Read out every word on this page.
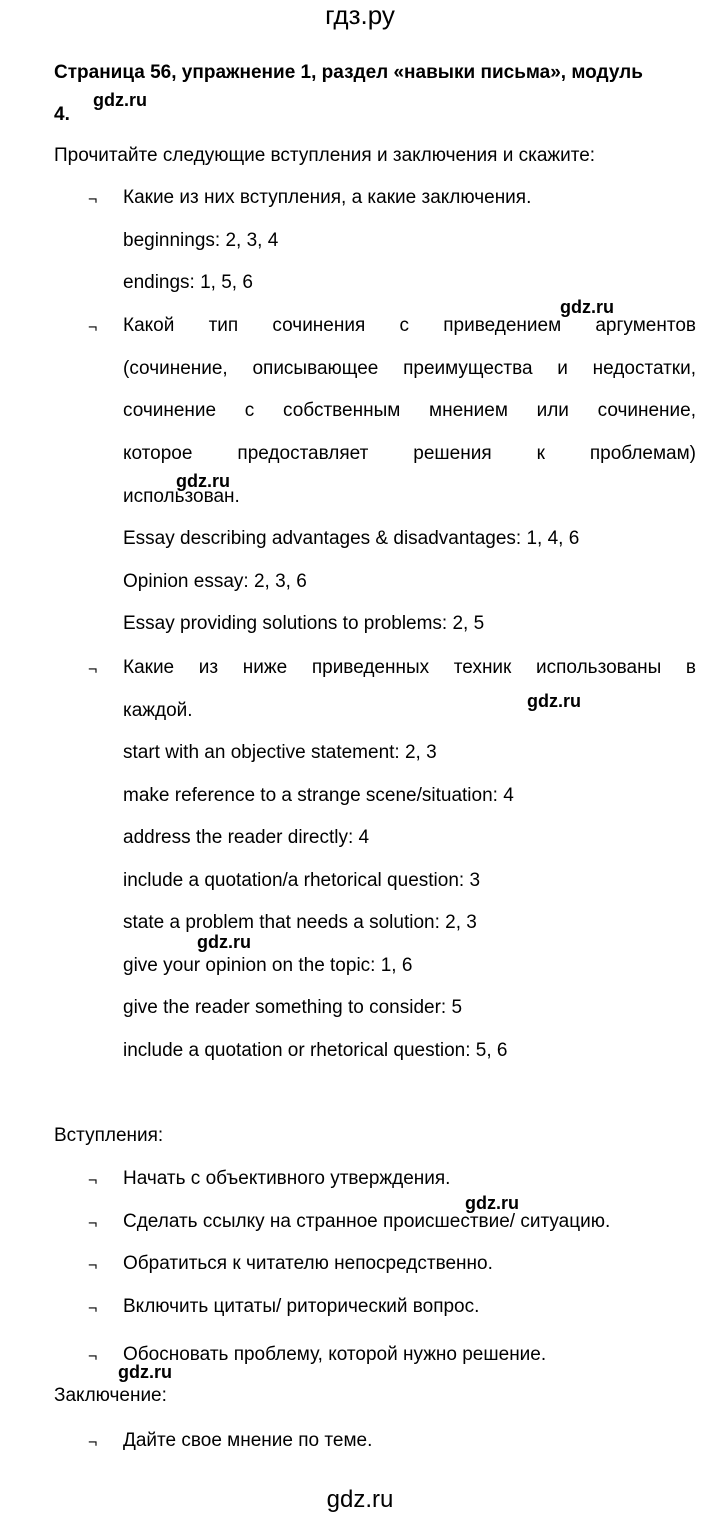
гдз.ру
Страница 56, упражнение 1, раздел «навыки письма», модуль
4.
gdz.ru
Прочитайте следующие вступления и заключения и скажите:
¬ Какие из них вступления, а какие заключения.
beginnings: 2, 3, 4
endings: 1, 5, 6
gdz.ru
¬ Какой тип сочинения с приведением аргументов
(сочинение, описывающее преимущества и недостатки,
сочинение с собственным мнением или сочинение,
которое предоставляет решения к проблемам)
gdz.ru
использован.
Essay describing advantages & disadvantages: 1, 4, 6
Opinion essay: 2, 3, 6
Essay providing solutions to problems: 2, 5
¬ Какие из ниже приведенных техник использованы в
каждой.	gdz.ru
start with an objective statement: 2, 3
make reference to a strange scene/situation: 4
address the reader directly: 4
include a quotation/a rhetorical question: 3
state a problem that needs a solution: 2, 3
gdz.ru
give your opinion on the topic: 1, 6
give the reader something to consider: 5
include a quotation or rhetorical question: 5, 6
Вступления:
¬ Начать с объективного утверждения.
gdz.ru
¬ Сделать ссылку на странное происшествие/ ситуацию.
¬ Обратиться к читателю непосредственно.
¬ Включить цитаты/ риторический вопрос.
¬ Обосновать проблему, которой нужно решение.
gdz.ru
Заключение:
¬ Дайте свое мнение по теме.
gdz.ru
